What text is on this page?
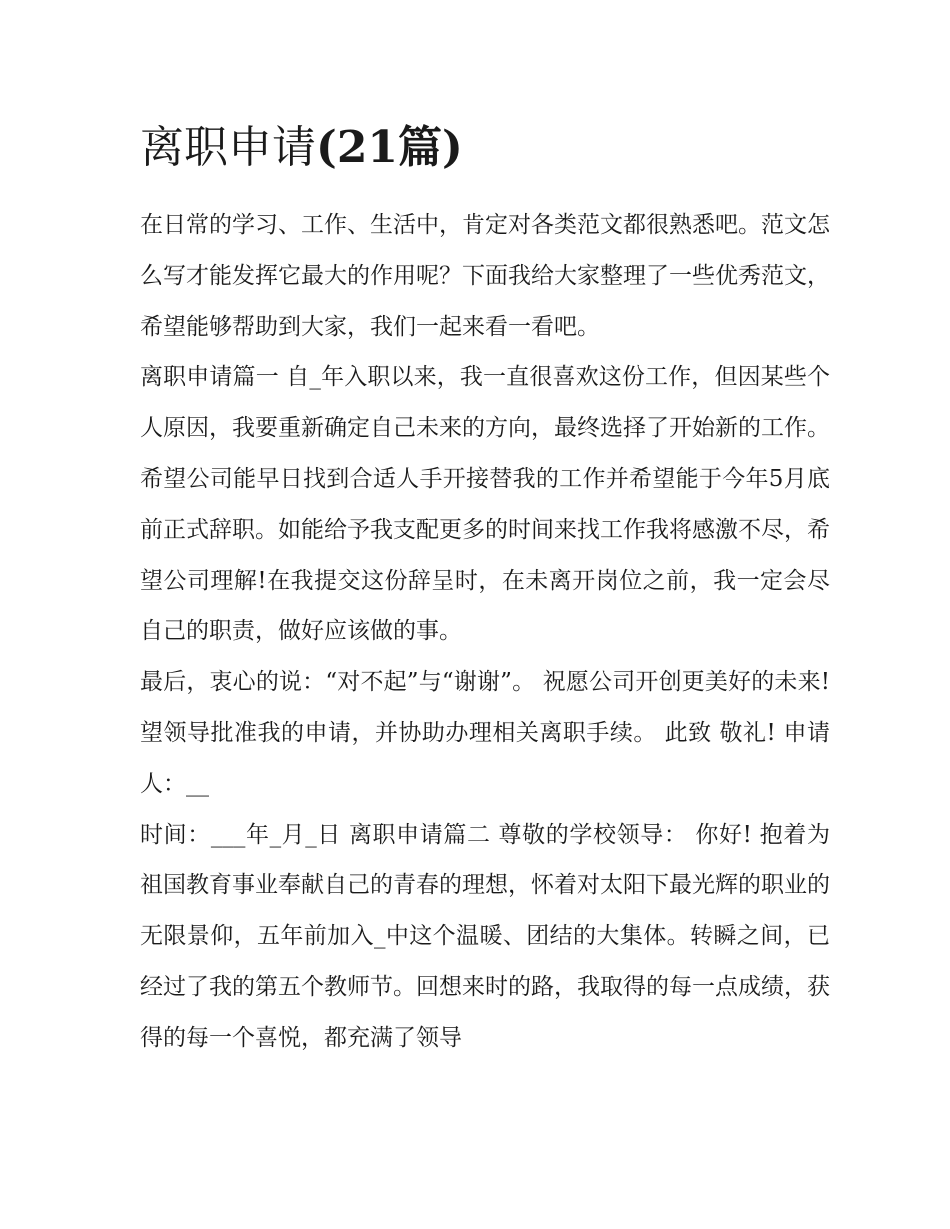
离职申请(21篇)

在日常的学习、工作、生活中，肯定对各类范文都很熟悉吧。范文怎么写才能发挥它最大的作用呢？下面我给大家整理了一些优秀范文，希望能够帮助到大家，我们一起来看一看吧。

离职申请篇一 自_年入职以来，我一直很喜欢这份工作，但因某些个人原因，我要重新确定自己未来的方向，最终选择了开始新的工作。

希望公司能早日找到合适人手开接替我的工作并希望能于今年5月底前正式辞职。如能给予我支配更多的时间来找工作我将感激不尽，希望公司理解!在我提交这份辞呈时，在未离开岗位之前，我一定会尽自己的职责，做好应该做的事。

最后，衷心的说：“对不起”与“谢谢”。 祝愿公司开创更美好的未来! 望领导批准我的申请，并协助办理相关离职手续。 此致 敬礼! 申请人：__

时间：___年_月_日 离职申请篇二 尊敬的学校领导： 你好! 抱着为祖国教育事业奉献自己的青春的理想，怀着对太阳下最光辉的职业的无限景仰，五年前加入_中这个温暖、团结的大集体。转瞬之间，已经过了我的第五个教师节。回想来时的路，我取得的每一点成绩，获得的每一个喜悦，都充满了领导
